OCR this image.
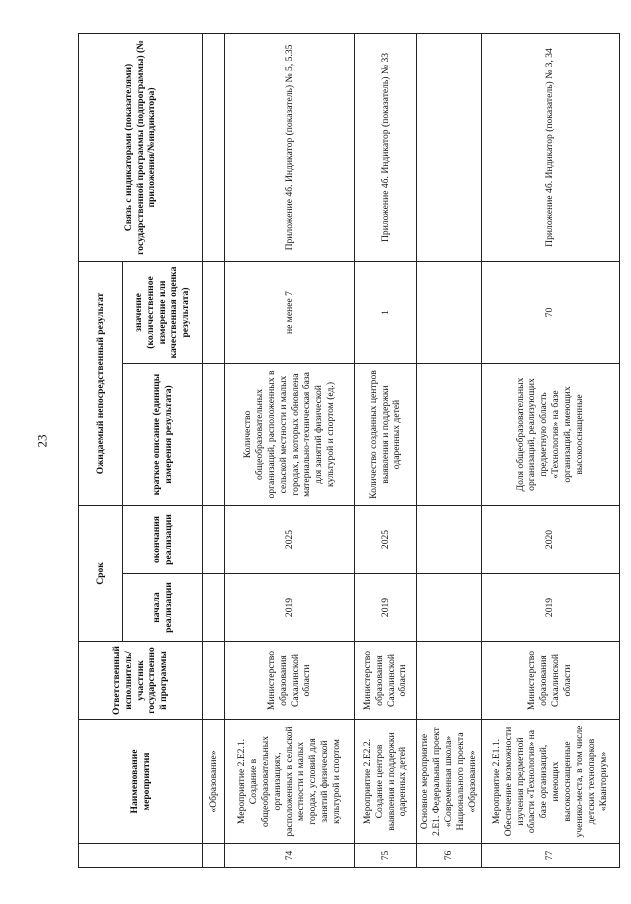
23
	Наименование мероприятия	Ответственный исполнитель/участник государственной программы	Срок		Ожидаемый непосредственный результат		Связь с индикаторами (показателями) государственной программы (подпрограммы) (№ приложения/№индикатора)
			начала реализации	окончания реализации	краткое описание (единицы измерения результата)	значение (количественное измерение или качественная оценка результата)	
	«Образование»						
74	Мероприятие 2.Е2.1. Создание в общеобразовательных организациях, расположенных в сельской местности и малых городах, условий для занятий физической культурой и спортом	Министерство образования Сахалинской области	2019	2025	Количество общеобразовательных организаций, расположенных в сельской местности и малых городах, в которых обновлена материально-техническая база для занятий физической культурой и спортом (ед.)	не менее 7	Приложение 4б. Индикатор (показатель) № 5, 5.35
75	Мероприятие 2.Е2.2. Создание центров выявления и поддержки одаренных детей	Министерство образования Сахалинской области	2019	2025	Количество созданных центров выявления и поддержки одаренных детей	1	Приложение 4б. Индикатор (показатель) № 33
76	Основное мероприятие 2.Е1. Федеральный проект «Современная школа» Национального проекта «Образование»						
77	Мероприятие 2.Е1.1. Обеспечение возможности изучения предметной области «Технология» на базе организаций, имеющих высокооснащенные ученико-места, в том числе детских технопарков «Кванториум»	Министерство образования Сахалинской области	2019	2020	Доля общеобразовательных организаций, реализующих предметную область «Технология» на базе организаций, имеющих высокооснащенные	70	Приложение 4б. Индикатор (показатель) № 3, 34
